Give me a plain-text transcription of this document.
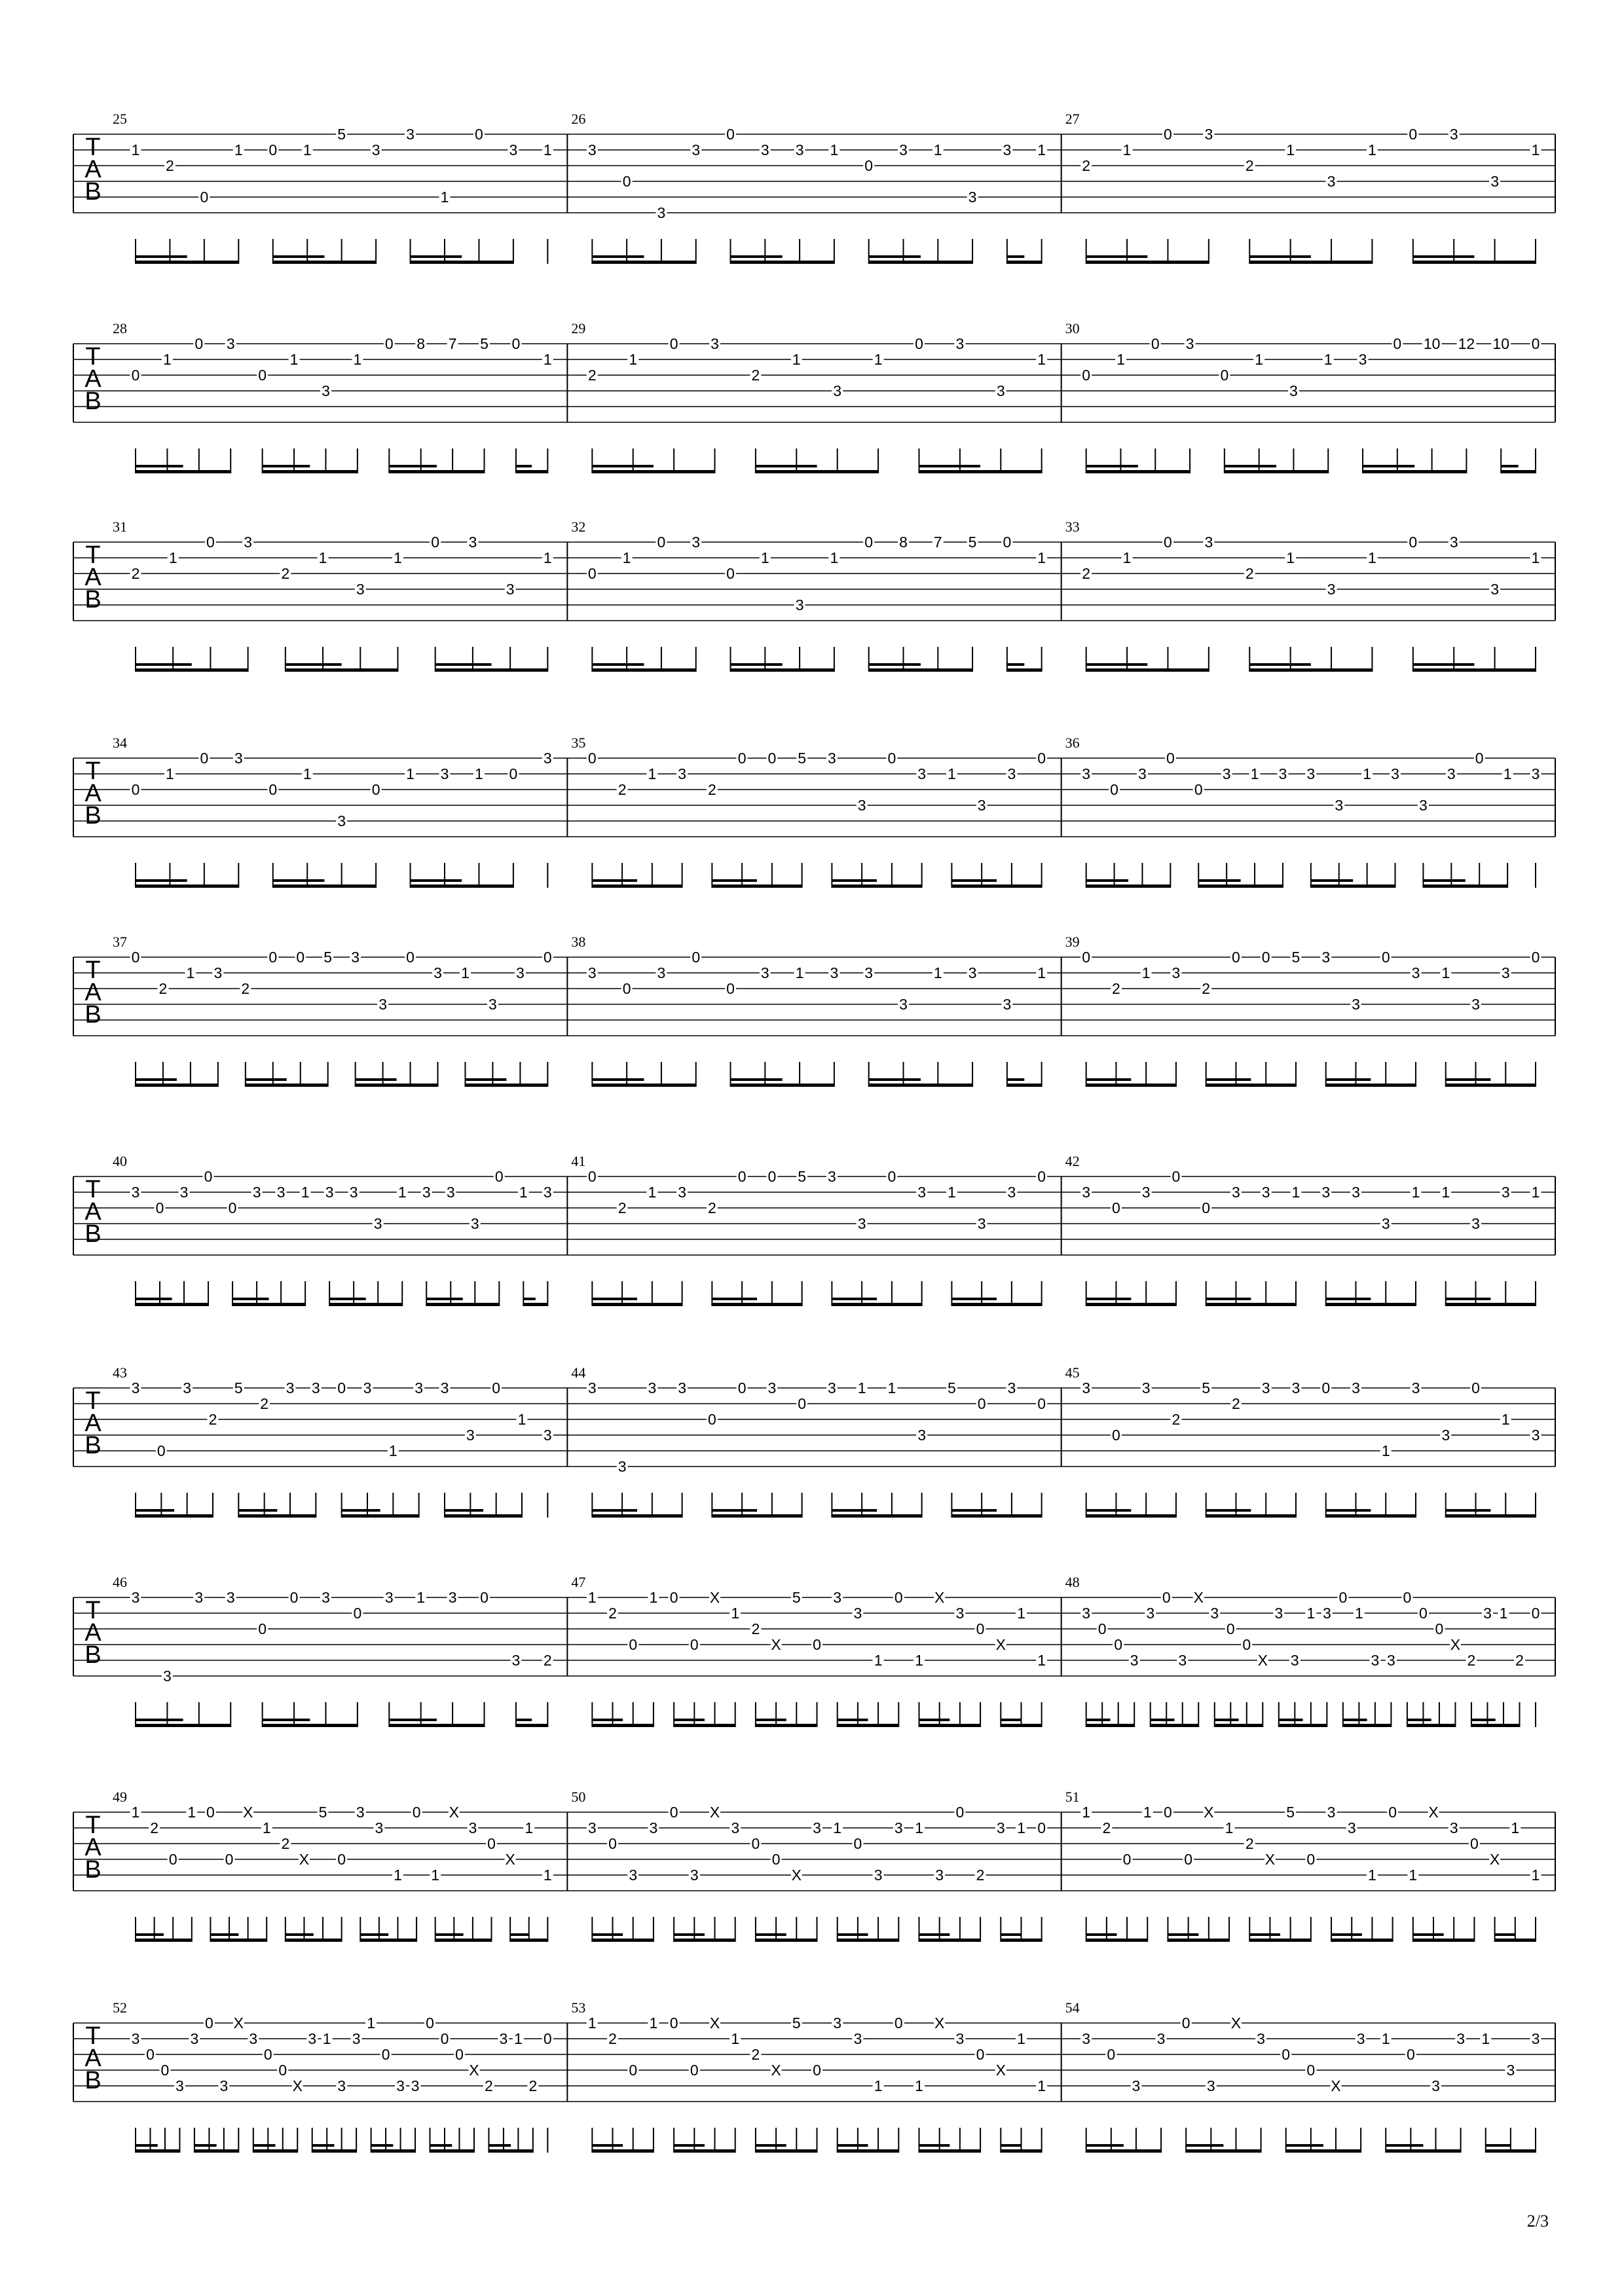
T
A
B
25
1
2
0
1 0 1
5
3
3
1
0
3 1
26
3
0
3
3
0
3 3 1
0
3 1
3
3 1
27
2
1
0 3
2
1
3
1
0 3
3
1
T
A
B
28
0
1
0 3
0
1
3
1
0 8 7 5 0
1
29
2
1
0 3
2
1
3
1
0 3
3
1
30
0
1
0 3
0
1
3
1 3
0 10 12 10 0
T
A
B
31
2
1
0 3
2
1
3
1
0 3
3
1
32
0
1
0 3
0
1
3
1
0 8 7 5 0
1
33
2
1
0 3
2
1
3
1
0 3
3
1
T
A
B
34
0
1
0 3
0
1
3
0
1 3 1 0
3
35
0
2
1 3
2
0 0 5 3
3
0
3 1
3
3
0
36
3
0
3
0
0
3 1 3 3
3
1 3
3
3
0
1 3
T
A
B
37
0
2
1 3
2
0 0 5 3
3
0
3 1
3
3
0
38
3
0
3
0
0
3 1 3 3
3
1 3
3
1
39
0
2
1 3
2
0 0 5 3
3
0
3 1
3
3
0
T
A
B
40
3
0
3
0
0
3 3 1 3 3
3
1 3 3
3
0
1 3
41
0
2
1 3
2
0 0 5 3
3
0
3 1
3
3
0
42
3
0
3
0
0
3 3 1 3 3
3
1 1
3
3 1
T
A
B
43
3
0
3
2
5
2
3 3 0 3
1
3 3
3
0
1
3
44
3
3
3 3
0
0 3
0
3 1 1
3
5
0
3
0
45
3
0
3
2
5
2
3 3 0 3
1
3
3
0
1
3
T
A
B
46
3
3
3 3
0
0 3
0
3 1 3 0
3 2
47
1
2
0
1 0
0
X
1
2
X
5
0
3
3
1
0
1
X
3
0
X
1
1
48
3
0
0
3
3
0
3
X
3
0
0
X
3
3
1 3
0
1
3 3
0
0
0
X
2
3 1
2
0
T
A
B
49
1
2
0
1 0
0
X
1
2
X
5
0
3
3
1
0
1
X
3
0
X
1
1
50
3
0
3
3
0
3
X
3
0
0
X
3 1
0
3
3 1
3
0
2
3 1 0
51
1
2
0
1 0
0
X
1
2
X
5
0
3
3
1
0
1
X
3
0
X
1
1
T
A
B
52
3
0
0
3
3
0
3
X
3
0
0
X
3 1
3
3
1
0
3 3
0
0
0
X
2
3 1
2
0
53
1
2
0
1 0
0
X
1
2
X
5
0
3
3
1
0
1
X
3
0
X
1
1
54
3
0
3
3
0
3
X
3
0
0
X
3 1
0
3
3 1
3
3
2/3
